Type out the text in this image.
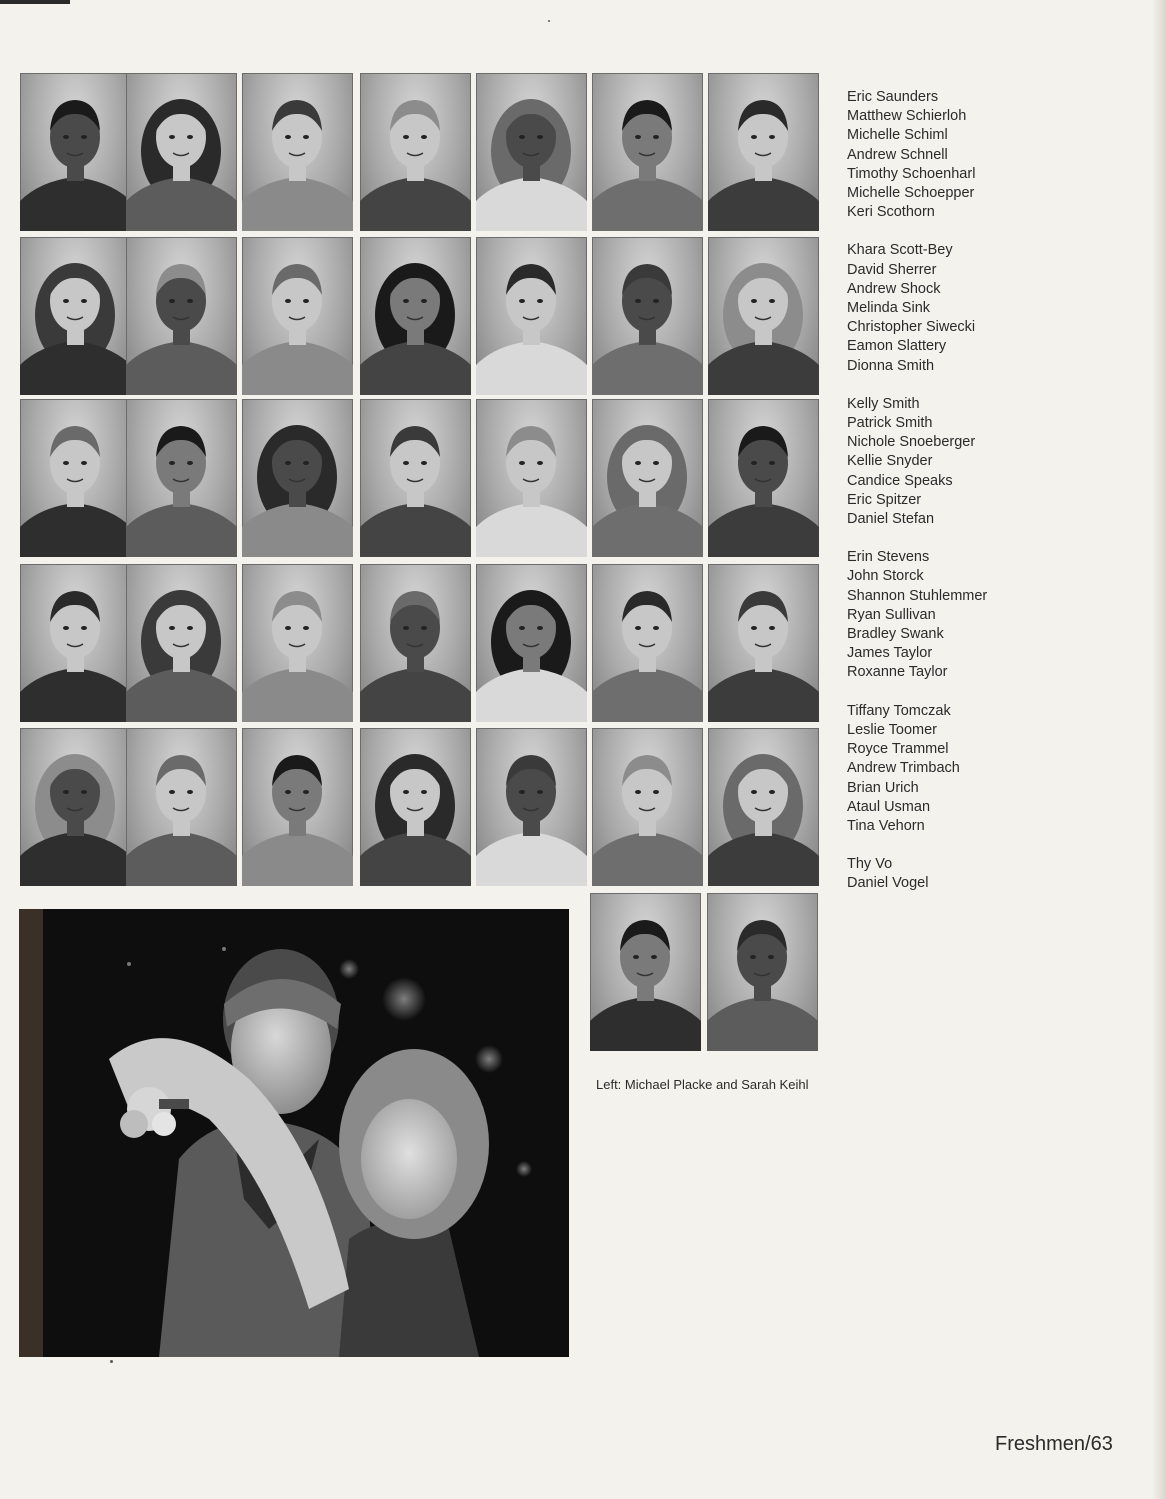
Left: Michael Placke and Sarah Keihl
Eric Saunders
Matthew Schierloh
Michelle Schiml
Andrew Schnell
Timothy Schoenharl
Michelle Schoepper
Keri Scothorn
Khara Scott-Bey
David Sherrer
Andrew Shock
Melinda Sink
Christopher Siwecki
Eamon Slattery
Dionna Smith
Kelly Smith
Patrick Smith
Nichole Snoeberger
Kellie Snyder
Candice Speaks
Eric Spitzer
Daniel Stefan
Erin Stevens
John Storck
Shannon Stuhlemmer
Ryan Sullivan
Bradley Swank
James Taylor
Roxanne Taylor
Tiffany Tomczak
Leslie Toomer
Royce Trammel
Andrew Trimbach
Brian Urich
Ataul Usman
Tina Vehorn
Thy Vo
Daniel Vogel
Freshmen/63
